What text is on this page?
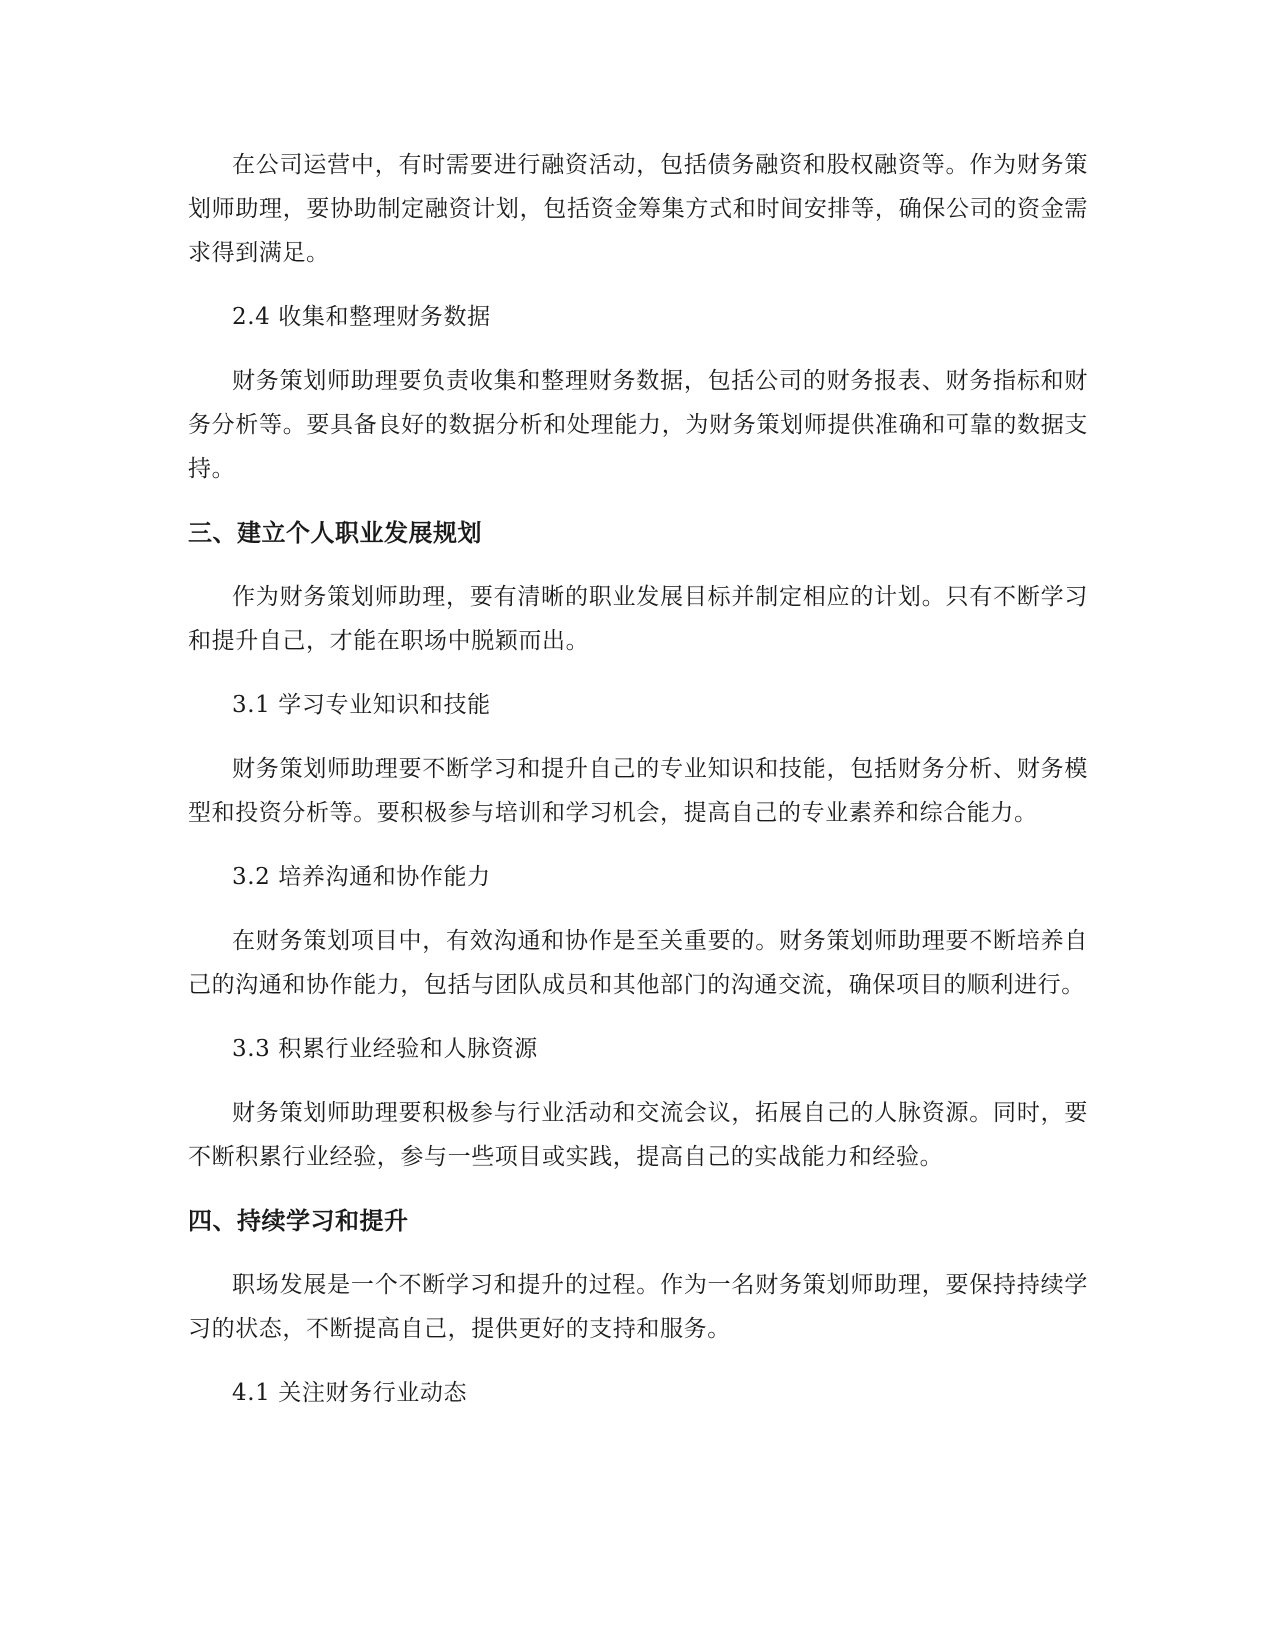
在公司运营中，有时需要进行融资活动，包括债务融资和股权融资等。作为财务策划师助理，要协助制定融资计划，包括资金筹集方式和时间安排等，确保公司的资金需求得到满足。

2.4 收集和整理财务数据

财务策划师助理要负责收集和整理财务数据，包括公司的财务报表、财务指标和财务分析等。要具备良好的数据分析和处理能力，为财务策划师提供准确和可靠的数据支持。

三、建立个人职业发展规划

作为财务策划师助理，要有清晰的职业发展目标并制定相应的计划。只有不断学习和提升自己，才能在职场中脱颖而出。

3.1 学习专业知识和技能

财务策划师助理要不断学习和提升自己的专业知识和技能，包括财务分析、财务模型和投资分析等。要积极参与培训和学习机会，提高自己的专业素养和综合能力。

3.2 培养沟通和协作能力

在财务策划项目中，有效沟通和协作是至关重要的。财务策划师助理要不断培养自己的沟通和协作能力，包括与团队成员和其他部门的沟通交流，确保项目的顺利进行。

3.3 积累行业经验和人脉资源

财务策划师助理要积极参与行业活动和交流会议，拓展自己的人脉资源。同时，要不断积累行业经验，参与一些项目或实践，提高自己的实战能力和经验。

四、持续学习和提升

职场发展是一个不断学习和提升的过程。作为一名财务策划师助理，要保持持续学习的状态，不断提高自己，提供更好的支持和服务。

4.1 关注财务行业动态
